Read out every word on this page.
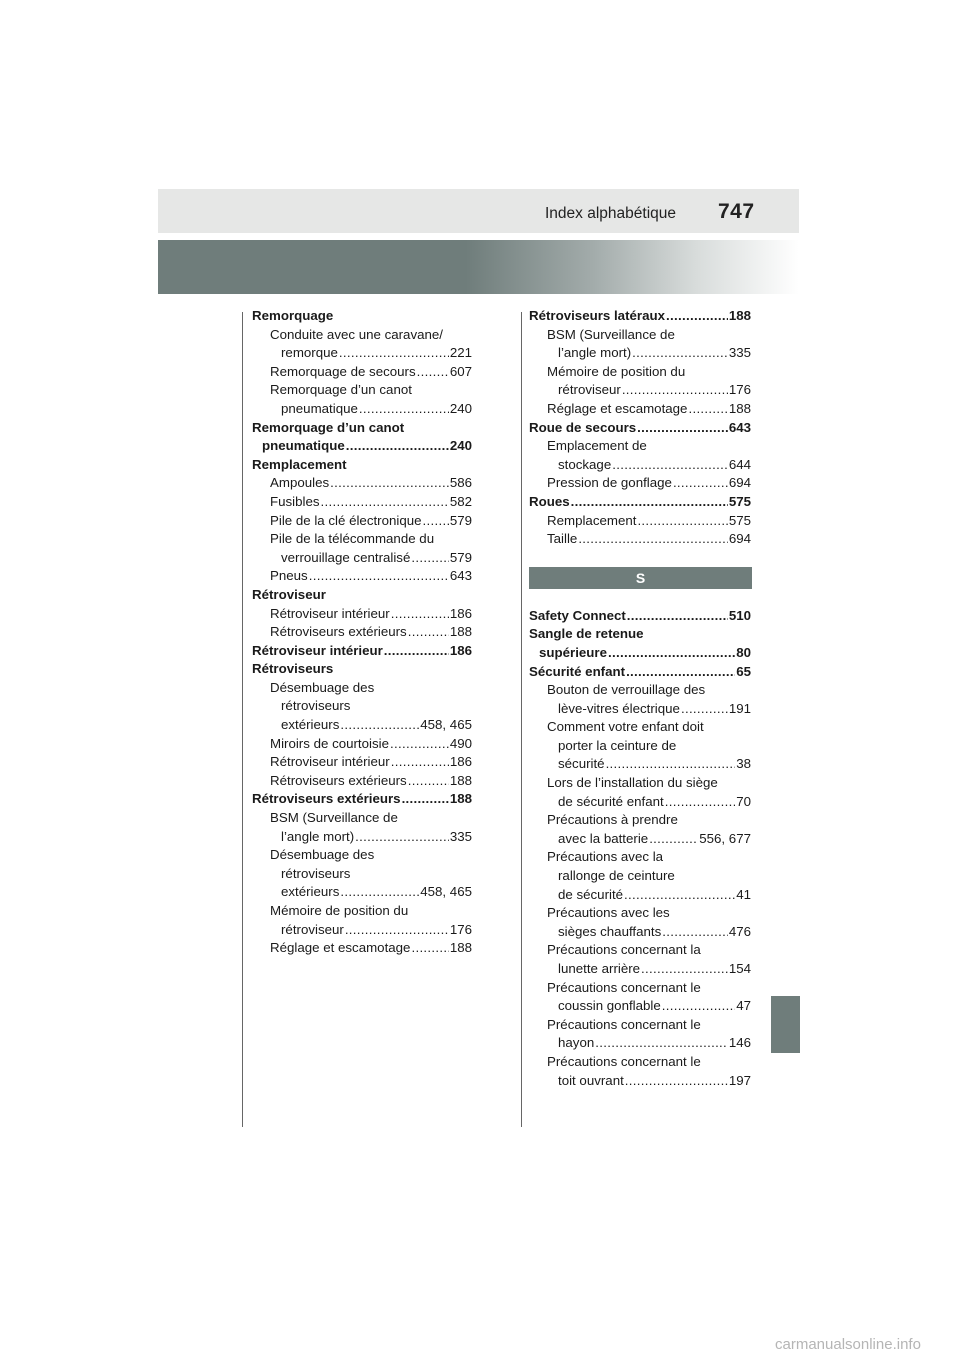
Index alphabétique 747
Remorquage
Conduite avec une caravane/
remorque .....	221
Remorquage de secours .....	607
Remorquage d’un canot
pneumatique .....	240
Remorquage d’un canot
pneumatique .....	240
Remplacement
Ampoules .....	586
Fusibles .....	582
Pile de la clé électronique ..... 579
Pile de la télécommande du
verrouillage centralisé .....	579
Pneus .....	643
Rétroviseur
Rétroviseur intérieur .....	186
Rétroviseurs extérieurs .....	188
Rétroviseur intérieur .....	186
Rétroviseurs
Désembuage des
rétroviseurs
extérieurs .....	458, 465
Miroirs de courtoisie .....	490
Rétroviseur intérieur .....	186
Rétroviseurs extérieurs .....	188
Rétroviseurs extérieurs .....	188
BSM (Surveillance de
l’angle mort) .....	335
Désembuage des
rétroviseurs
extérieurs .....	458, 465
Mémoire de position du
rétroviseur .....	176
Réglage et escamotage .....	188
Rétroviseurs latéraux .....	188
BSM (Surveillance de
l’angle mort) .....	335
Mémoire de position du
rétroviseur .....	176
Réglage et escamotage .....	188
Roue de secours .....	643
Emplacement de
stockage .....	644
Pression de gonflage .....	694
Roues .....	575
Remplacement .....	575
Taille .....	694
S
Safety Connect .....	510
Sangle de retenue
supérieure .....	80
Sécurité enfant .....	65
Bouton de verrouillage des
lève-vitres électrique .....	191
Comment votre enfant doit
porter la ceinture de
sécurité .....	38
Lors de l’installation du siège
de sécurité enfant .....	70
Précautions à prendre
avec la batterie .....	556, 677
Précautions avec la
rallonge de ceinture
de sécurité .....	41
Précautions avec les
sièges chauffants .....	476
Précautions concernant la
lunette arrière .....	154
Précautions concernant le
coussin gonflable .....	47
Précautions concernant le
hayon .....	146
Précautions concernant le
toit ouvrant .....	197
carmanualsonline.info
